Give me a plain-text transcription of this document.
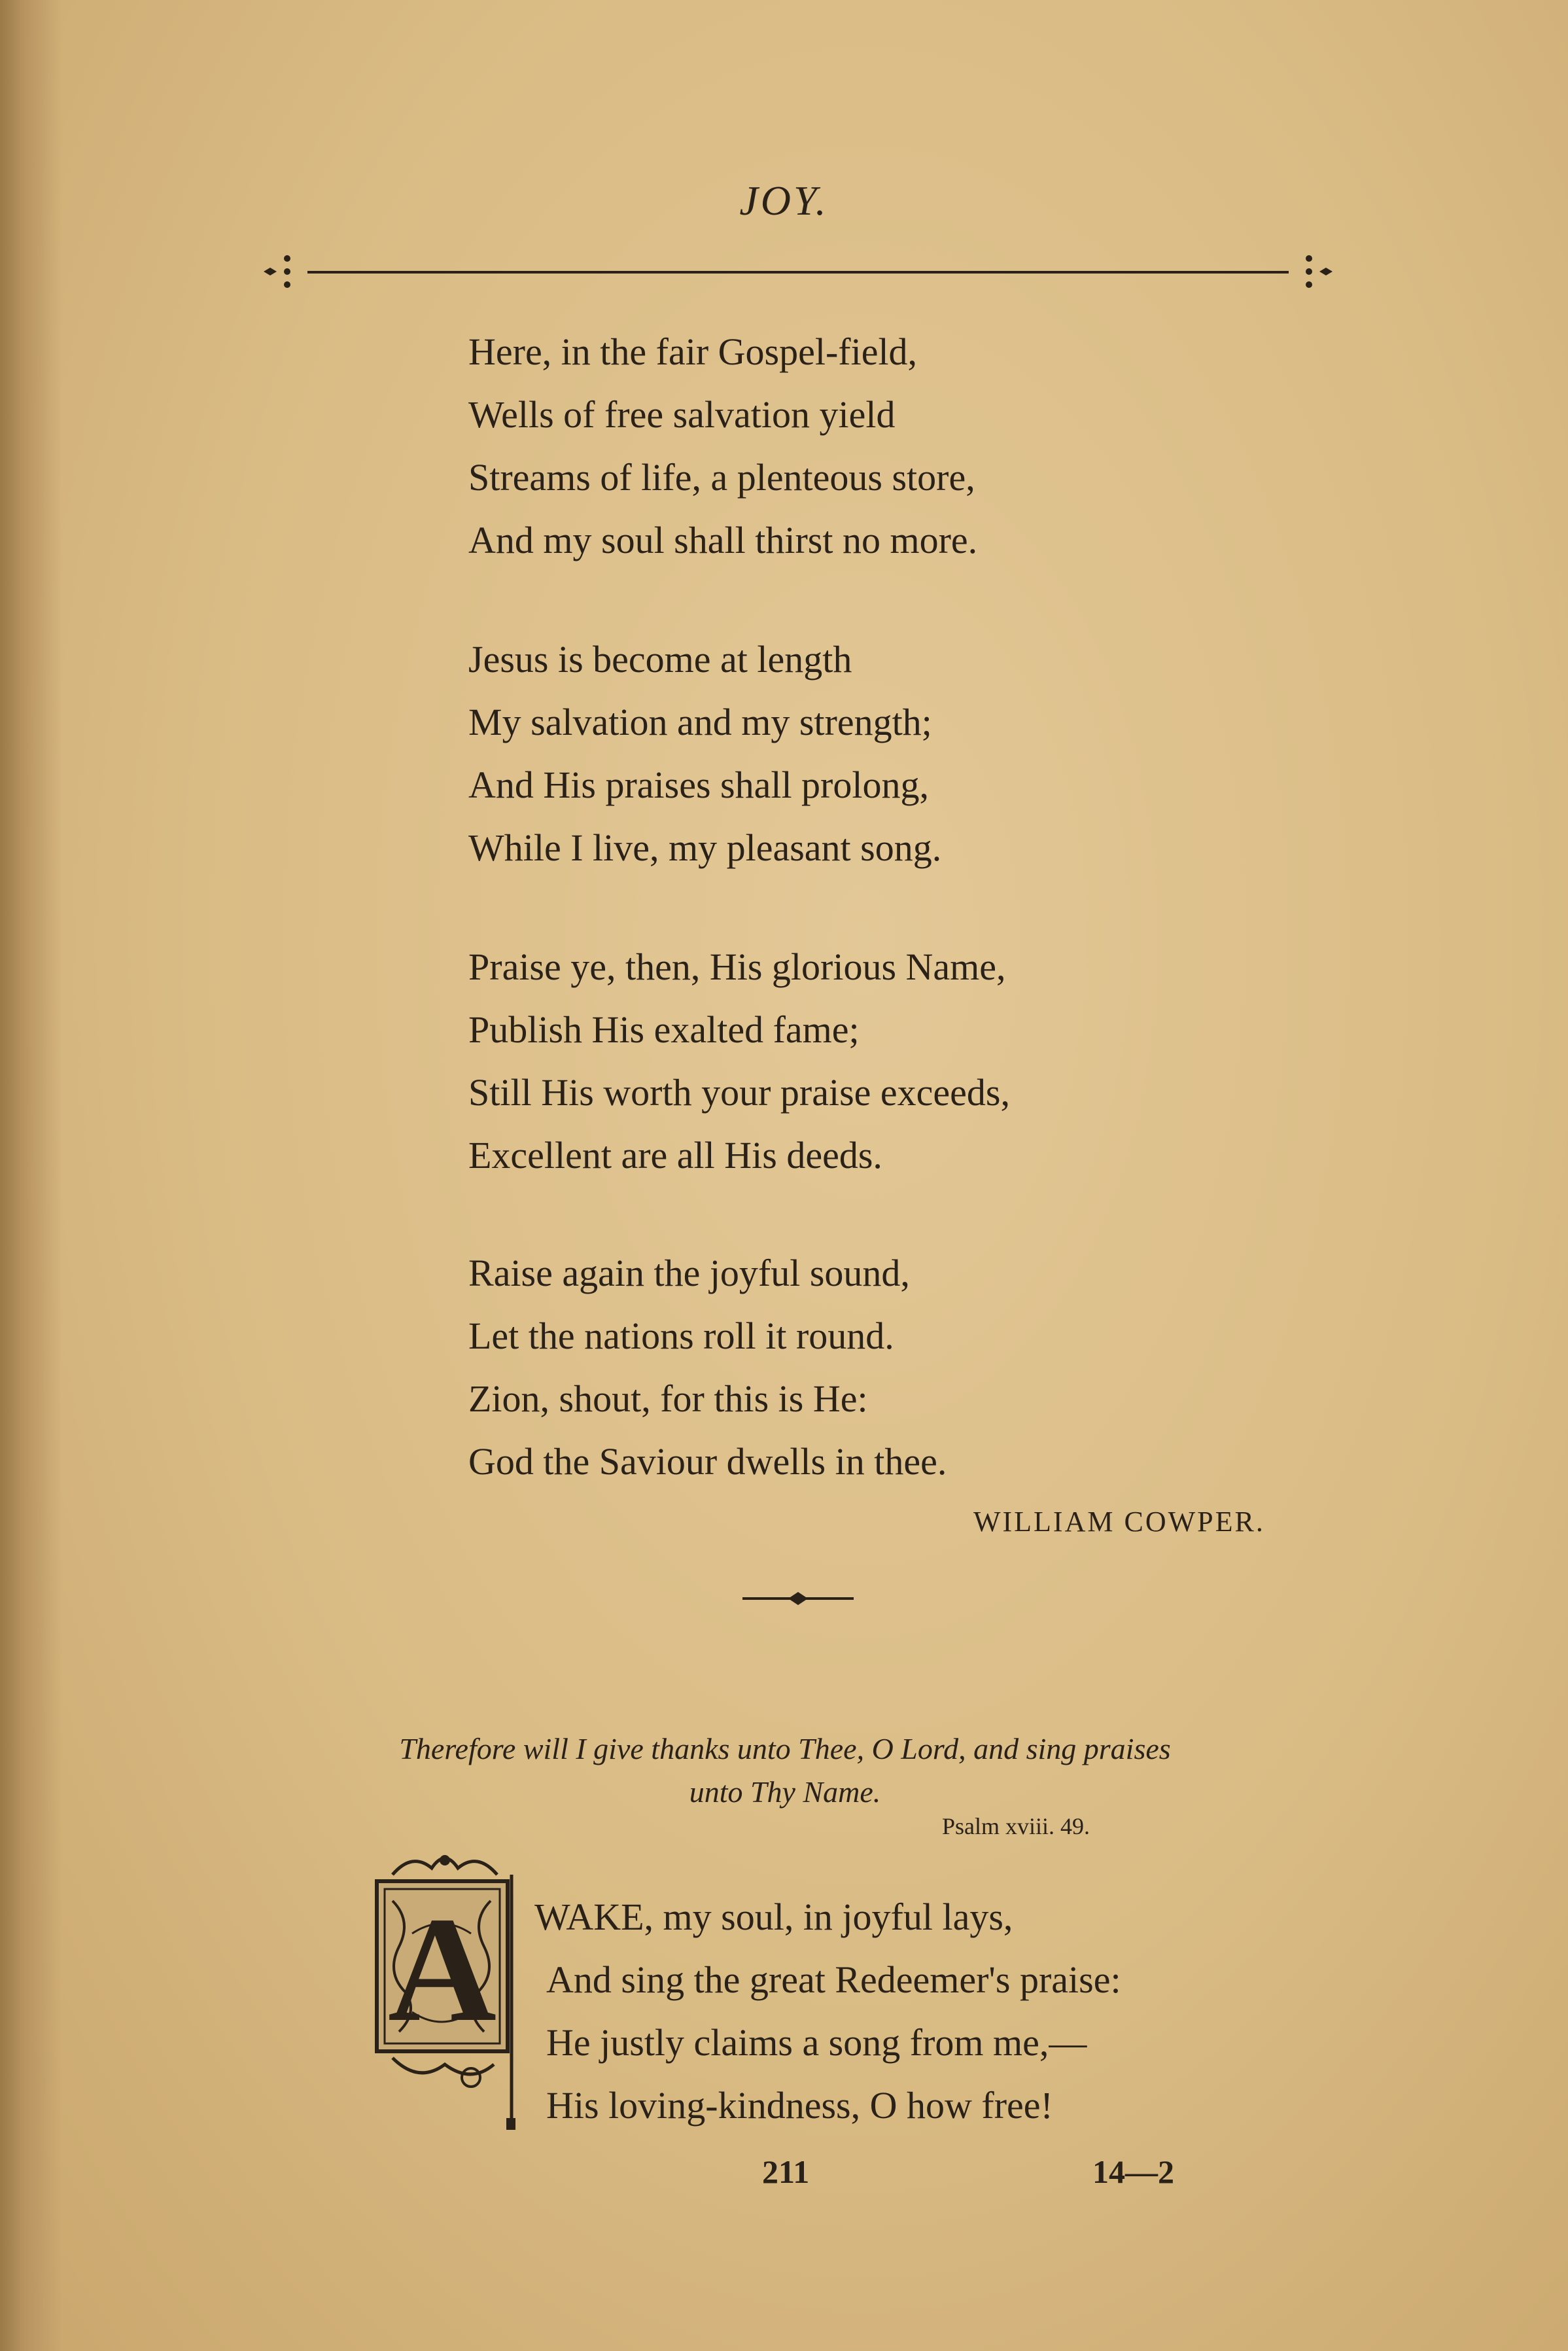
JOY.
Here, in the fair Gospel-field,
Wells of free salvation yield
Streams of life, a plenteous store,
And my soul shall thirst no more.
Jesus is become at length
My salvation and my strength;
And His praises shall prolong,
While I live, my pleasant song.
Praise ye, then, His glorious Name,
Publish His exalted fame;
Still His worth your praise exceeds,
Excellent are all His deeds.
Raise again the joyful sound,
Let the nations roll it round.
Zion, shout, for this is He:
God the Saviour dwells in thee.
WILLIAM COWPER.
Therefore will I give thanks unto Thee, O Lord, and sing praises
unto Thy Name.
Psalm xviii. 49.
A WAKE, my soul, in joyful lays,
And sing the great Redeemer's praise:
He justly claims a song from me,—
His loving-kindness, O how free!
211	14—2
